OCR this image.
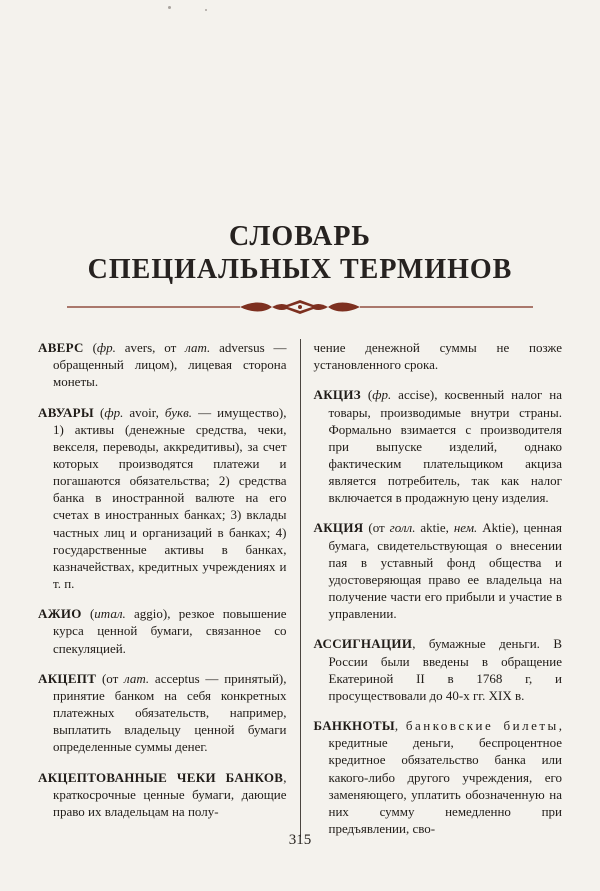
СЛОВАРЬ
СПЕЦИАЛЬНЫХ ТЕРМИНОВ

АВЕРС (фр. avers, от лат. adversus — обращенный лицом), лицевая сторона монеты.

АВУАРЫ (фр. avoir, букв. — имущество), 1) активы (денежные средства, чеки, векселя, переводы, аккредитивы), за счет которых производятся платежи и погашаются обязательства; 2) средства банка в иностранной валюте на его счетах в иностранных банках; 3) вклады частных лиц и организаций в банках; 4) государственные активы в банках, казначействах, кредитных учреждениях и т. п.

АЖИО (итал. aggio), резкое повышение курса ценной бумаги, связанное со спекуляцией.

АКЦЕПТ (от лат. acceptus — принятый), принятие банком на себя конкретных платежных обязательств, например, выплатить владельцу ценной бумаги определенные суммы денег.

АКЦЕПТОВАННЫЕ ЧЕКИ БАНКОВ, краткосрочные ценные бумаги, дающие право их владельцам на полу-

чение денежной суммы не позже установленного срока.

АКЦИЗ (фр. accise), косвенный налог на товары, производимые внутри страны. Формально взимается с производителя при выпуске изделий, однако фактическим плательщиком акциза является потребитель, так как налог включается в продажную цену изделия.

АКЦИЯ (от голл. aktie, нем. Aktie), ценная бумага, свидетельствующая о внесении пая в уставный фонд общества и удостоверяющая право ее владельца на получение части его прибыли и участие в управлении.

АССИГНАЦИИ, бумажные деньги. В России были введены в обращение Екатериной II в 1768 г, и просуществовали до 40-х гг. XIX в.

БАНКНОТЫ, банковские билеты, кредитные деньги, беспроцентное кредитное обязательство банка или какого-либо другого учреждения, его заменяющего, уплатить обозначенную на них сумму немедленно при предъявлении, сво-

315
